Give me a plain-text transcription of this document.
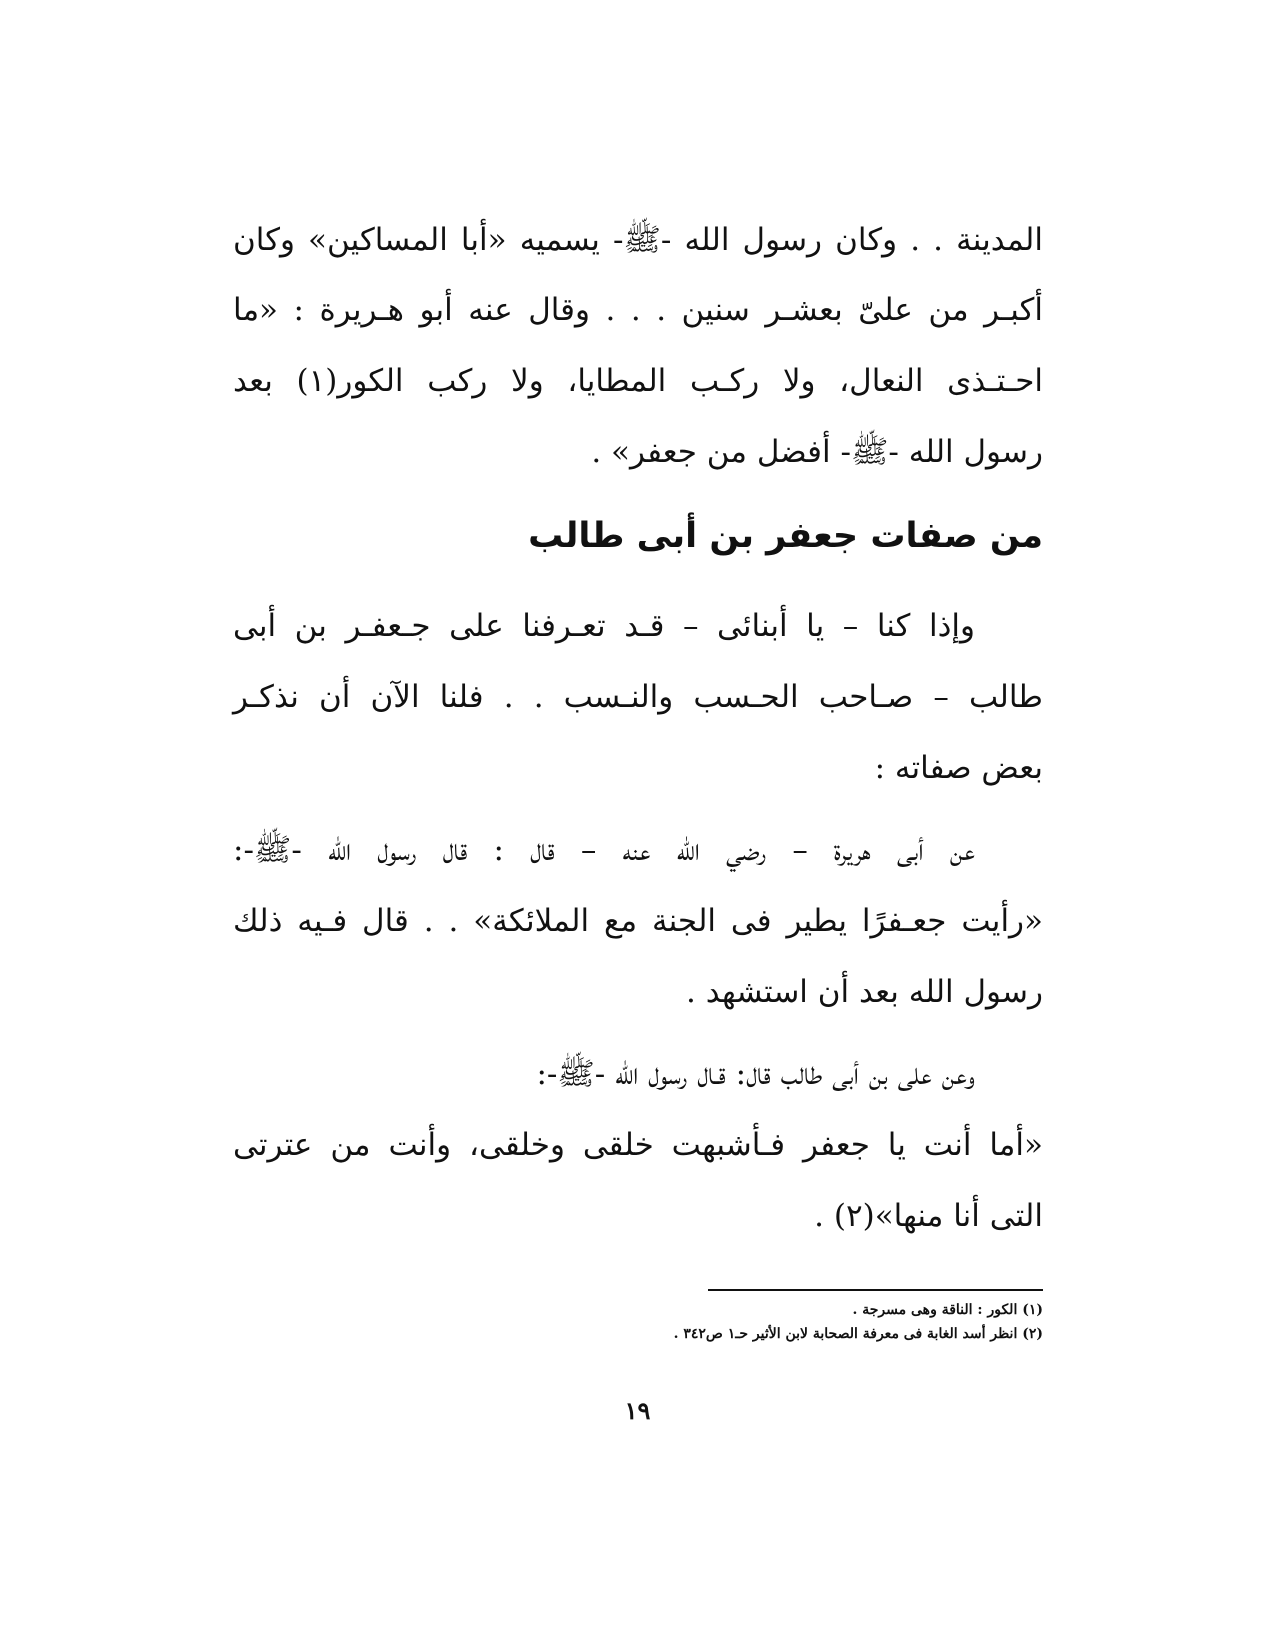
المدينة . . وكان رسول الله -ﷺ- يسميه «أبا المساكين» وكان

أكبـر من علىّ بعشـر سنين . . . وقال عنه أبو هـريرة : «ما

احـتـذى النعال، ولا ركـب المطايا، ولا ركب الكور(١) بعد

رسول الله -ﷺ- أفضل من جعفر» .

من صفات جعفر بن أبى طالب

وإذا كنا – يا أبنائى – قـد تعـرفنا على جـعفـر بن أبى

طالب – صـاحب الحـسب والنـسب . . فلنا الآن أن نذكـر

بعض صفاته :

عن أبى هريرة – رضي الله عنه – قال : قال رسول الله -ﷺ-:

«رأيت جعـفرًا يطير فى الجنة مع الملائكة» . . قال فـيه ذلك

رسول الله بعد أن استشهد .

وعن على بن أبى طالب قال: قـال رسول الله -ﷺ-:

«أما أنت يا جعفر فـأشبهت خلقى وخلقى، وأنت من عترتى

التى أنا منها»(٢) .

(١) الكور : الناقة وهى مسرجة .

(٢) انظر أسد الغابة فى معرفة الصحابة لابن الأثير حـ١ ص٣٤٢ .

١٩
